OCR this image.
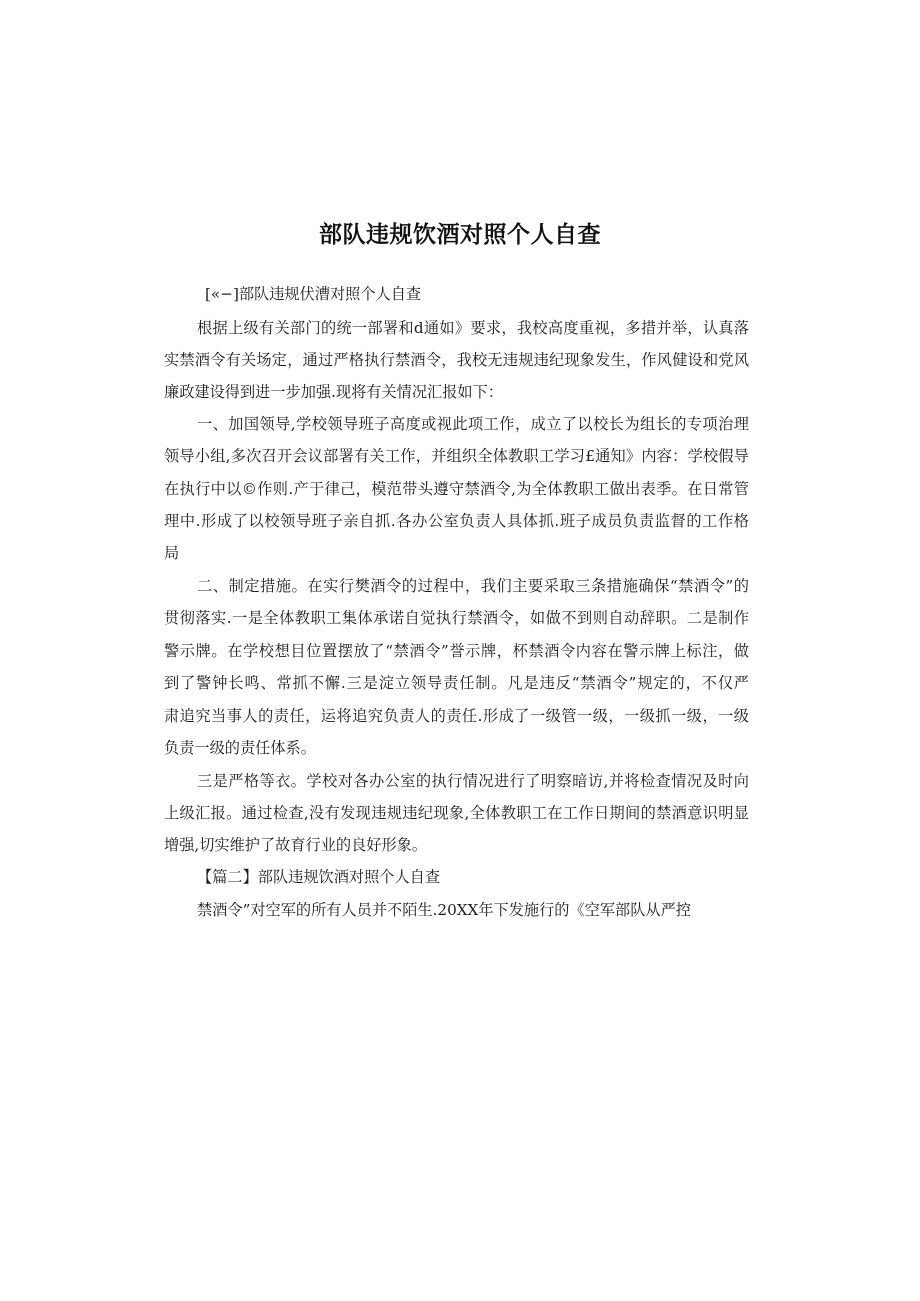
部队违规饮酒对照个人自查
[«−]部队违规伏漕对照个人自查
根据上级有关部门的统一部署和d通如》要求，我校高度重视，多措并举，认真落
实禁酒令有关场定，通过严格执行禁酒令，我校无违规违纪现象发生，作风健设和党风
廉政建设得到进一步加强.现将有关情况汇报如下：
一、加国领导,学校领导班子高度或视此项工作，成立了以校长为组长的专项治理
领导小组,多次召开会议部署有关工作，并组织全体教职工学习£通知》内容：学校假导
在执行中以©作则.产于律己，模范带头遵守禁酒令,为全体教职工做出表季。在日常管
理中.形成了以校领导班子亲自抓.各办公室负责人具体抓.班子成员负责监督的工作格
局
二、制定措施。在实行樊酒令的过程中，我们主要采取三条措施确保“禁酒令”的
贯彻落实.一是全体教职工集体承诺自觉执行禁酒令，如做不到则自动辞职。二是制作
警示牌。在学校想目位置摆放了“禁酒令”誉示牌，杯禁酒令内容在警示牌上标注，做
到了警钟长鸣、常抓不懈.三是淀立领导责任制。凡是违反“禁酒令”规定的，不仅严
肃追究当事人的责任，运将追究负责人的责任.形成了一级管一级，一级抓一级，一级
负责一级的责任体系。
三是严格等衣。学校对各办公室的执行情况进行了明察暗访,并将检查情况及时向
上级汇报。通过检查,没有发现违规违纪现象,全体教职工在工作日期间的禁酒意识明显
增强,切实维护了故育行业的良好形象。
【篇二】部队违规饮酒对照个人自查
禁酒令”对空军的所有人员并不陌生.20XX年下发施行的《空军部队从严控
